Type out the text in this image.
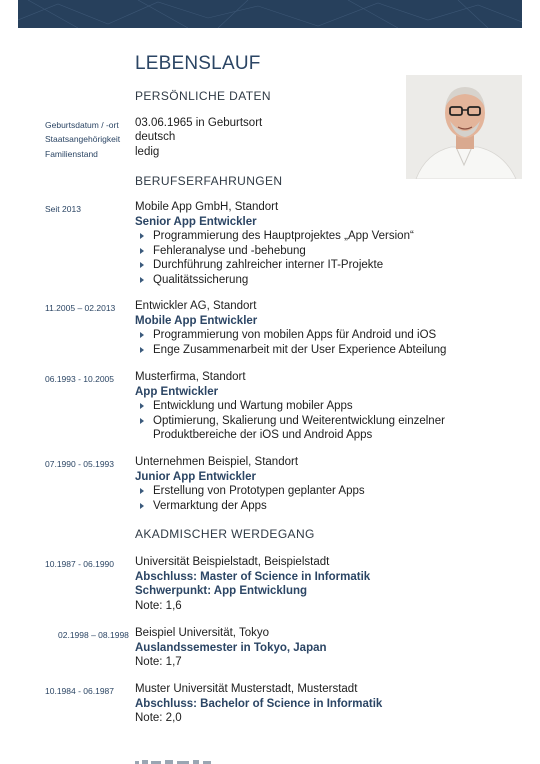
LEBENSLAUF
PERSÖNLICHE DATEN
Geburtsdatum / -ort 03.06.1965 in Geburtsort
Staatsangehörigkeit deutsch
Familienstand	ledig
BERUFSERFAHRUNGEN
Seit 2013	Mobile App GmbH, Standort
Senior App Entwickler
Programmierung des Hauptprojektes „App Version“
Fehleranalyse und -behebung
Durchführung zahlreicher interner IT-Projekte
Qualitätssicherung
11.2005 – 02.2013 Entwickler AG, Standort
Mobile App Entwickler
Programmierung von mobilen Apps für Android und iOS
Enge Zusammenarbeit mit der User Experience Abteilung
06.1993 - 10.2005 Musterfirma, Standort
App Entwickler
Entwicklung und Wartung mobiler Apps
Optimierung, Skalierung und Weiterentwicklung einzelner Produktbereiche der iOS und Android Apps
07.1990 - 05.1993 Unternehmen Beispiel, Standort
Junior App Entwickler
Erstellung von Prototypen geplanter Apps
Vermarktung der Apps
AKADMISCHER WERDEGANG
10.1987 - 06.1990 Universität Beispielstadt, Beispielstadt
Abschluss: Master of Science in Informatik
Schwerpunkt: App Entwicklung
Note: 1,6
02.1998 – 08.1998 Beispiel Universität, Tokyo
Auslandssemester in Tokyo, Japan
Note: 1,7
10.1984 - 06.1987 Muster Universität Musterstadt, Musterstadt
Abschluss: Bachelor of Science in Informatik
Note: 2,0
